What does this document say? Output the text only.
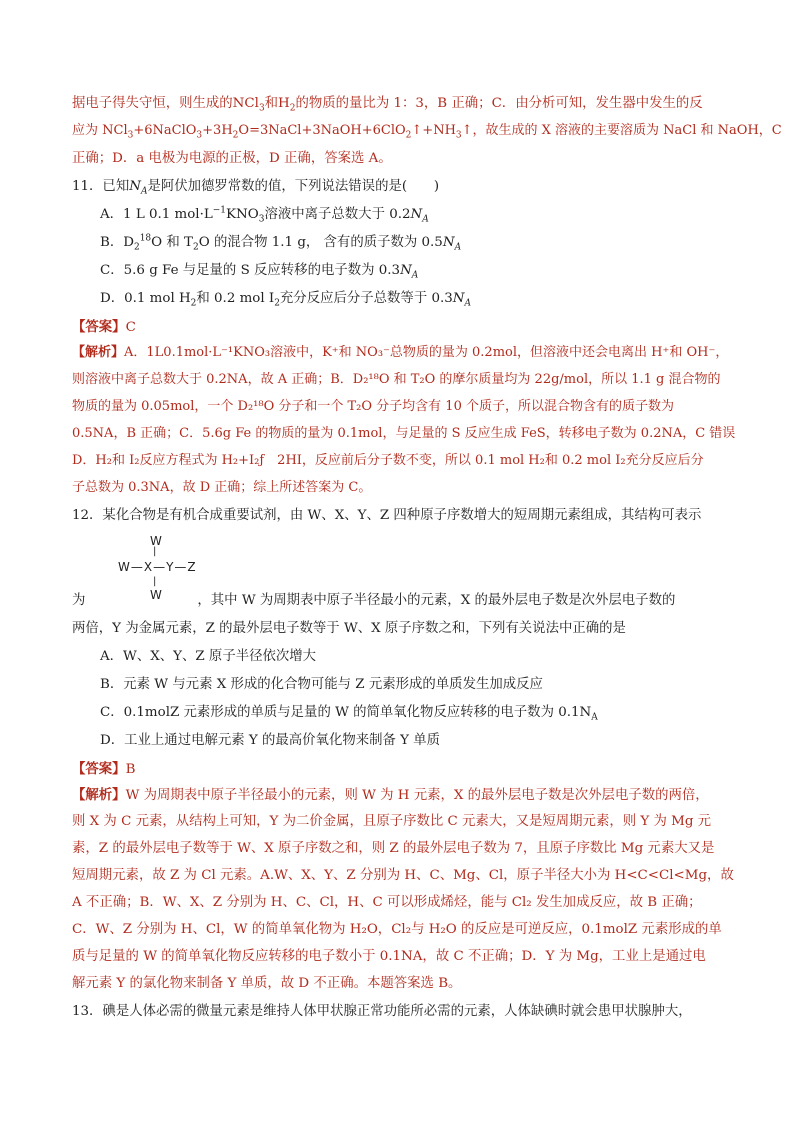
据电子得失守恒，则生成的NCl$_3$和$H_2$的物质的量比为 1：3，B 正确；C．由分析可知，发生器中发生的反
应为 $NCl_3+6NaClO_3+3H_2O=3NaCl+3NaOH+6ClO_2↑+NH_3↑$，故生成的 X 溶液的主要溶质为 NaCl 和 NaOH，C
正确；D．a 电极为电源的正极，D 正确，答案选 A。
11．已知$N_A$是阿伏加德罗常数的值，下列说法错误的是(　　)
A．1 L 0.1 $mol\cdot L^{-1}KNO_3$溶液中离子总数大于 $0.2N_A$
B．$D_2^{18}O$ 和 $T_2O$ 的混合物 1.1 g， 含有的质子数为 $0.5N_A$
C．5.6 g Fe 与足量的 S 反应转移的电子数为 $0.3N_A$
D．0.1 mol $H_2$和 0.2 mol $I_2$充分反应后分子总数等于 $0.3N_A$
【答案】C
【解析】A．1L0.1mol·L⁻¹KNO₃溶液中，K⁺和 NO₃⁻总物质的量为 0.2mol，但溶液中还会电离出 H⁺和 OH⁻，
则溶液中离子总数大于 0.2NA，故 A 正确；B．D₂¹⁸O 和 T₂O 的摩尔质量均为 22g/mol，所以 1.1 g 混合物的
物质的量为 0.05mol，一个 D₂¹⁸O 分子和一个 T₂O 分子均含有 10 个质子，所以混合物含有的质子数为
0.5NA，B 正确；C．5.6g Fe 的物质的量为 0.1mol，与足量的 S 反应生成 FeS，转移电子数为 0.2NA，C 错误
D．H₂和 I₂反应方程式为 H₂+I₂ƒ　2HI，反应前后分子数不变，所以 0.1 mol H₂和 0.2 mol I₂充分反应后分
子总数为 0.3NA，故 D 正确；综上所述答案为 C。
12．某化合物是有机合成重要试剂，由 W、X、Y、Z 四种原子序数增大的短周期元素组成，其结构可表示
W
|
W—X—Y—Z
|
W
为	，其中 W 为周期表中原子半径最小的元素，X 的最外层电子数是次外层电子数的
两倍，Y 为金属元素，Z 的最外层电子数等于 W、X 原子序数之和，下列有关说法中正确的是
A．W、X、Y、Z 原子半径依次增大
B．元素 W 与元素 X 形成的化合物可能与 Z 元素形成的单质发生加成反应
C．0.1molZ 元素形成的单质与足量的 W 的简单氧化物反应转移的电子数为 $0.1N_A$
D．工业上通过电解元素 Y 的最高价氧化物来制备 Y 单质
【答案】B
【解析】W 为周期表中原子半径最小的元素，则 W 为 H 元素，X 的最外层电子数是次外层电子数的两倍，
则 X 为 C 元素，从结构上可知，Y 为二价金属，且原子序数比 C 元素大，又是短周期元素，则 Y 为 Mg 元
素，Z 的最外层电子数等于 W、X 原子序数之和，则 Z 的最外层电子数为 7，且原子序数比 Mg 元素大又是
短周期元素，故 Z 为 Cl 元素。A.W、X、Y、Z 分别为 H、C、Mg、Cl，原子半径大小为 H<C<Cl<Mg，故
A 不正确；B．W、X、Z 分别为 H、C、Cl，H、C 可以形成烯烃，能与 Cl₂ 发生加成反应，故 B 正确；
C．W、Z 分别为 H、Cl，W 的简单氧化物为 H₂O，Cl₂与 H₂O 的反应是可逆反应，0.1molZ 元素形成的单
质与足量的 W 的简单氧化物反应转移的电子数小于 0.1NA，故 C 不正确；D．Y 为 Mg，工业上是通过电
解元素 Y 的氯化物来制备 Y 单质，故 D 不正确。本题答案选 B。
13．碘是人体必需的微量元素是维持人体甲状腺正常功能所必需的元素，人体缺碘时就会患甲状腺肿大，
